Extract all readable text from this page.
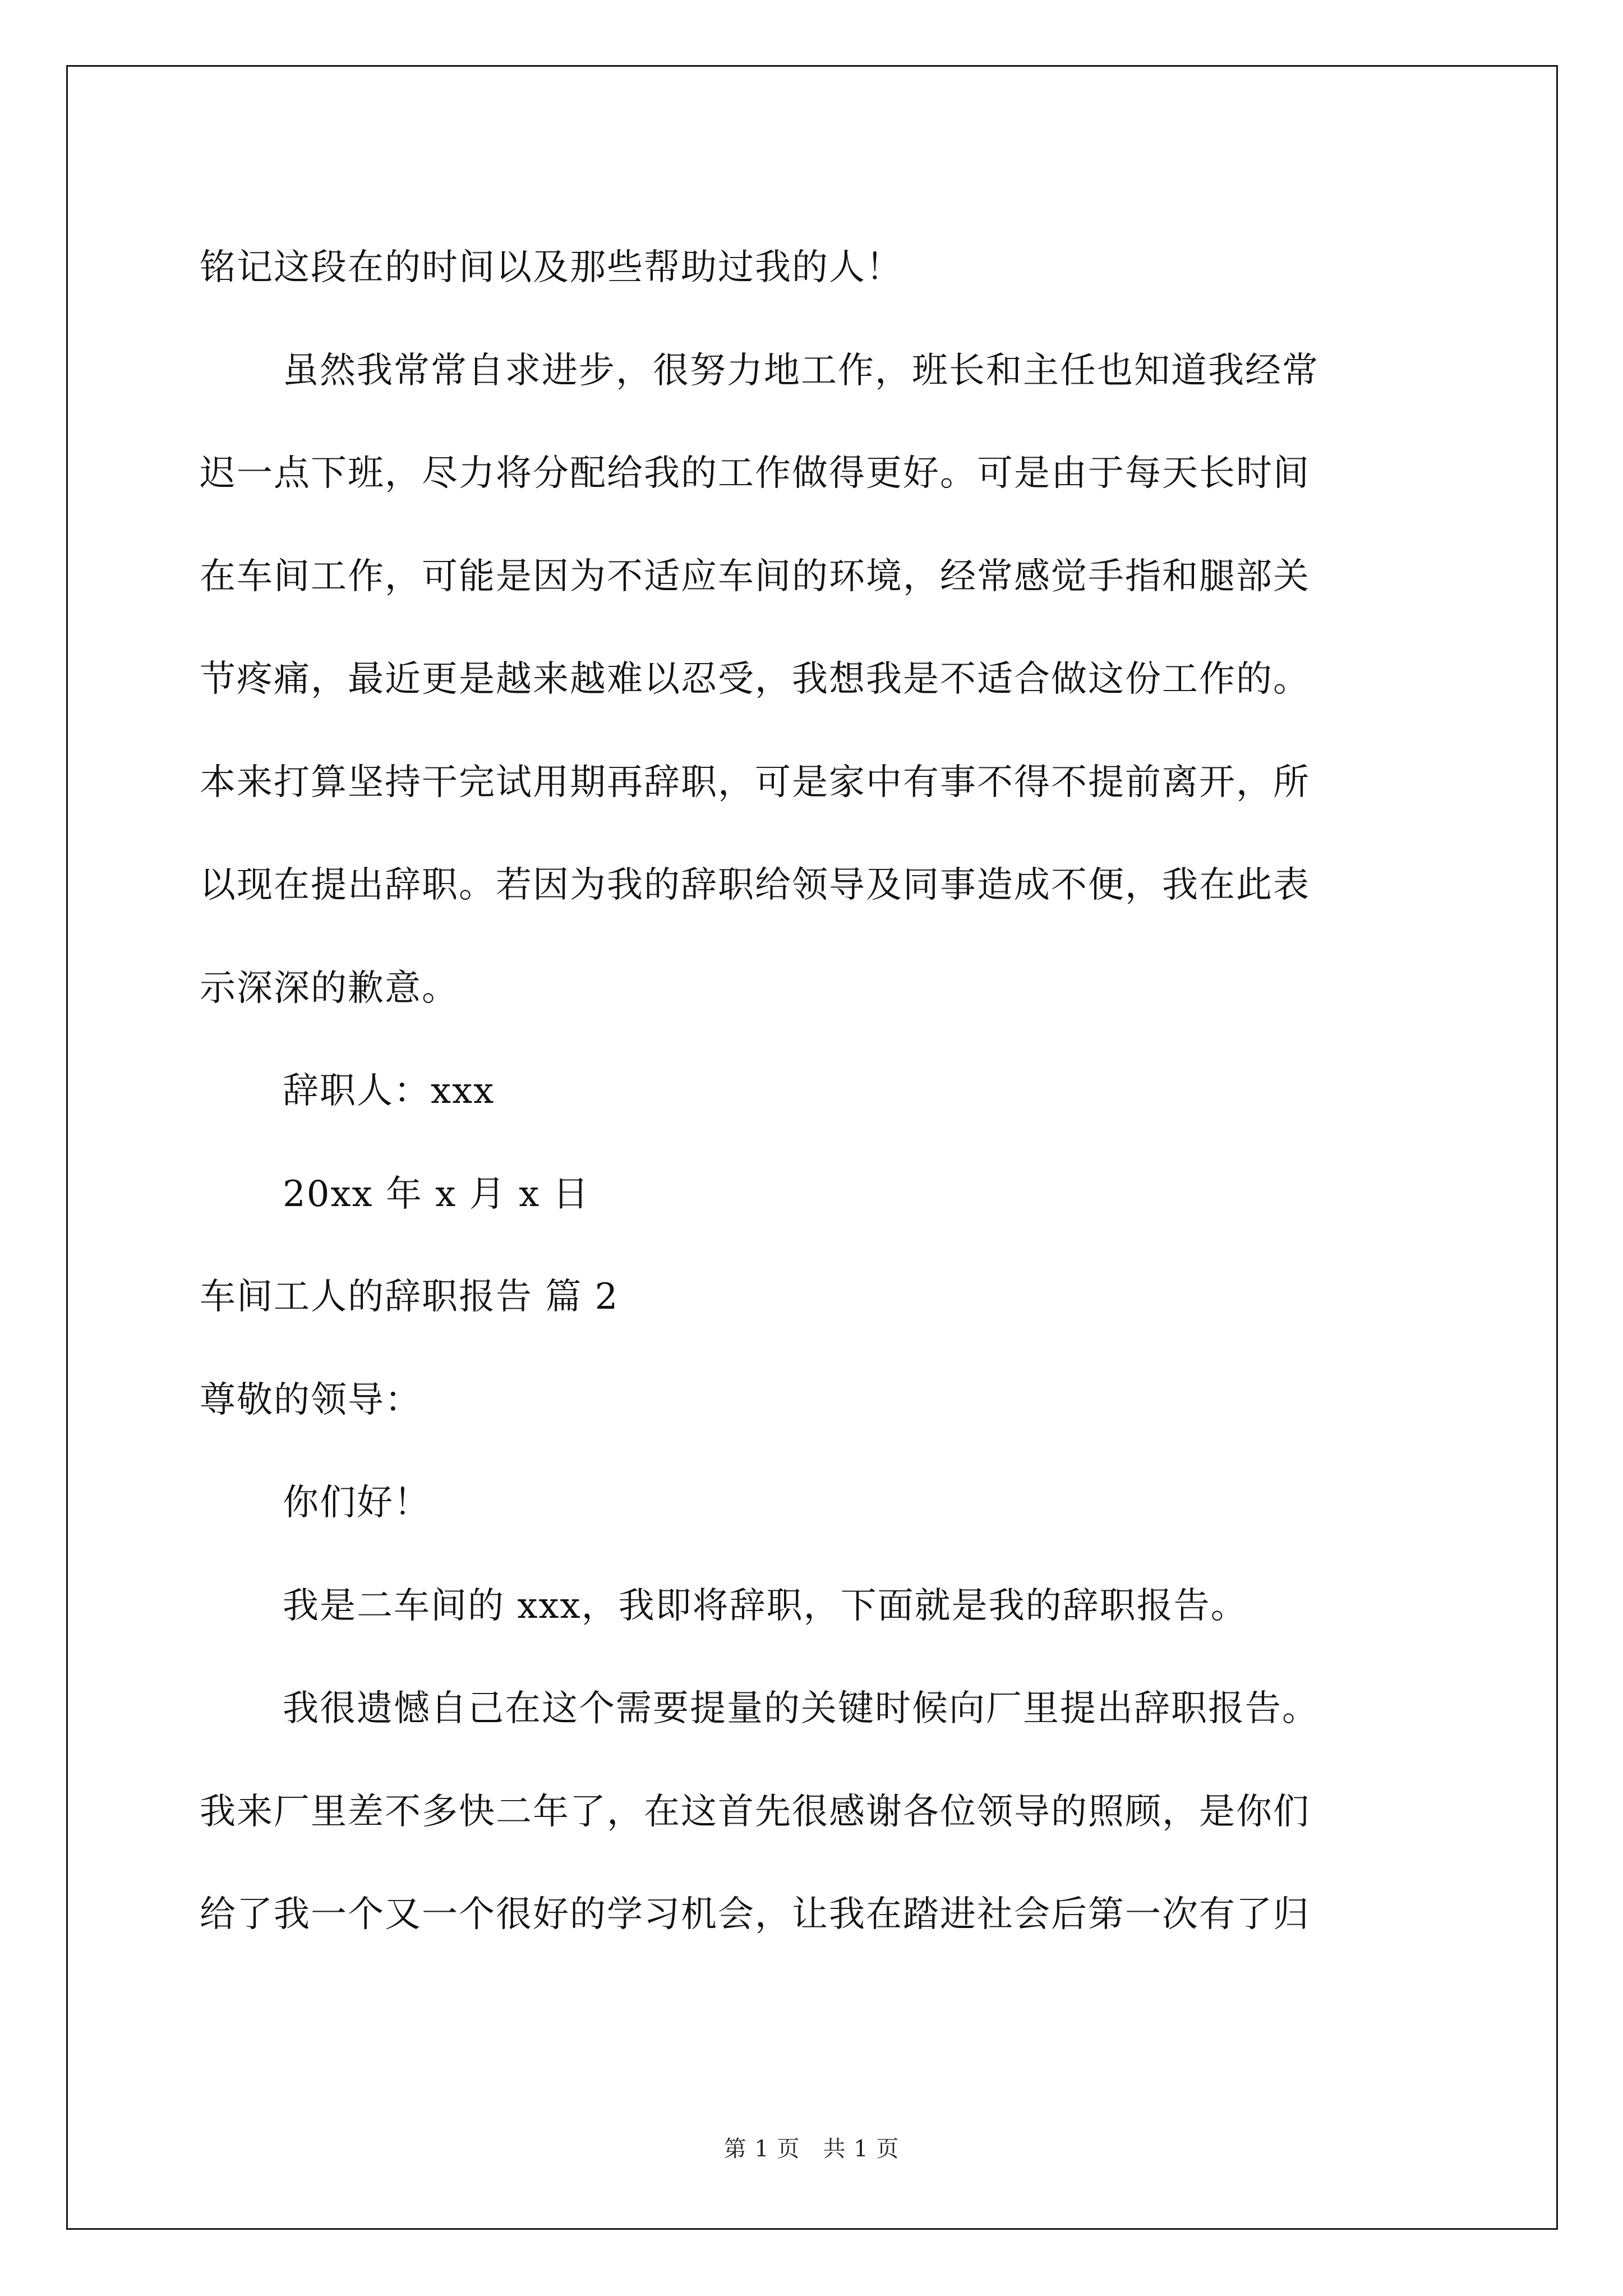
铭记这段在的时间以及那些帮助过我的人！

虽然我常常自求进步，很努力地工作，班长和主任也知道我经常

迟一点下班，尽力将分配给我的工作做得更好。可是由于每天长时间

在车间工作，可能是因为不适应车间的环境，经常感觉手指和腿部关

节疼痛，最近更是越来越难以忍受，我想我是不适合做这份工作的。

本来打算坚持干完试用期再辞职，可是家中有事不得不提前离开，所

以现在提出辞职。若因为我的辞职给领导及同事造成不便，我在此表

示深深的歉意。

辞职人：xxx

20xx 年 x 月 x 日

车间工人的辞职报告 篇 2

尊敬的领导：

你们好！

我是二车间的 xxx，我即将辞职，下面就是我的辞职报告。

我很遗憾自己在这个需要提量的关键时候向厂里提出辞职报告。

我来厂里差不多快二年了，在这首先很感谢各位领导的照顾，是你们

给了我一个又一个很好的学习机会，让我在踏进社会后第一次有了归

第 1 页　共 1 页
